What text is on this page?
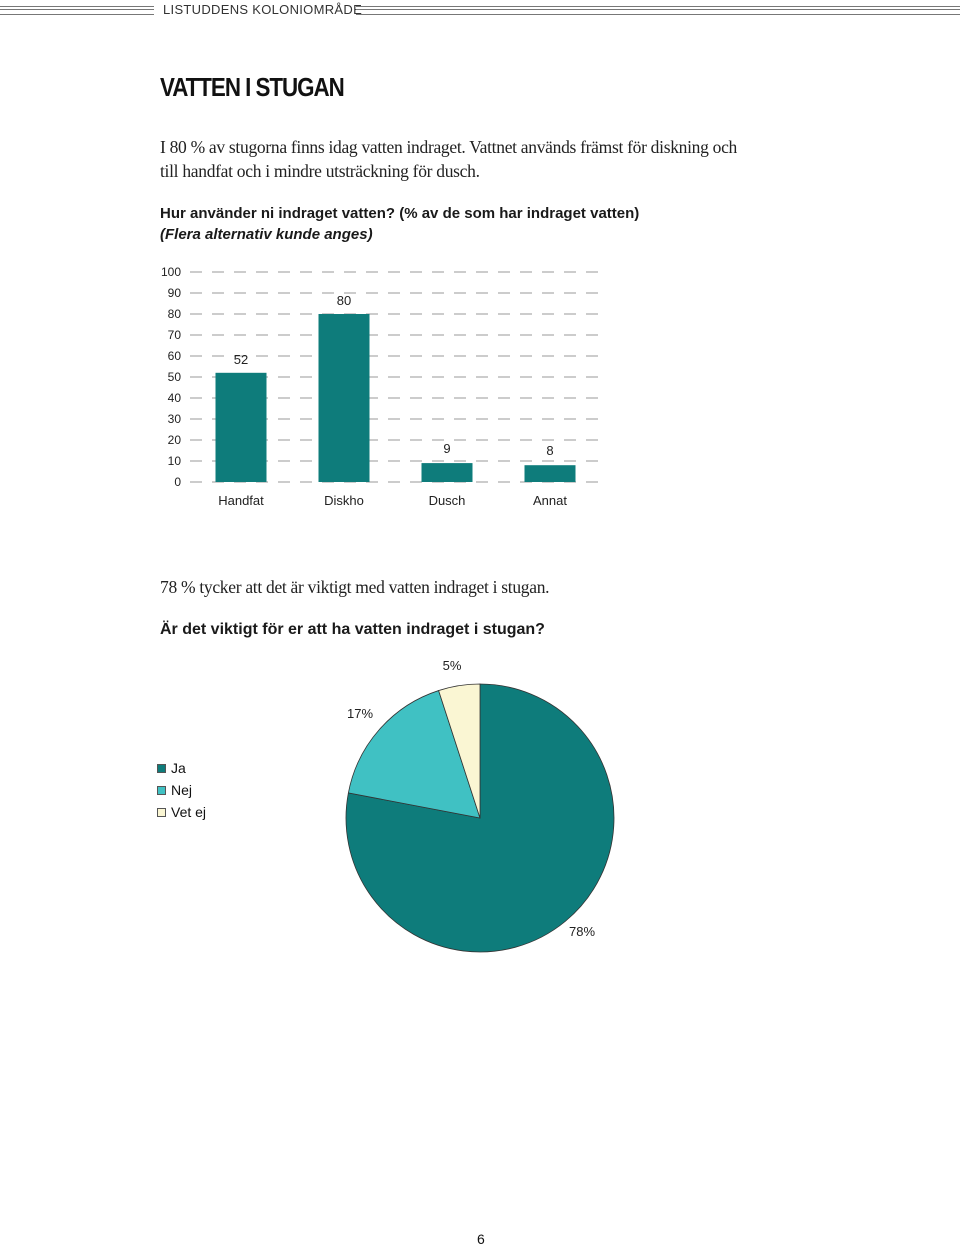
LISTUDDENS KOLONIOMRÅDE
VATTEN I STUGAN
I 80 % av stugorna finns idag vatten indraget. Vattnet används främst för diskning och
till handfat och i mindre utsträckning för dusch.
Hur använder ni indraget vatten? (% av de som har indraget vatten)
(Flera alternativ kunde anges)
0
10
20
30
40
50
60
70
80
90
100
52
Handfat
80
Diskho
9
Dusch
8
Annat
78 % tycker att det är viktigt med vatten indraget i stugan.
Är det viktigt för er att ha vatten indraget i stugan?
78%
17%
5%
Ja
Nej
Vet ej
6
